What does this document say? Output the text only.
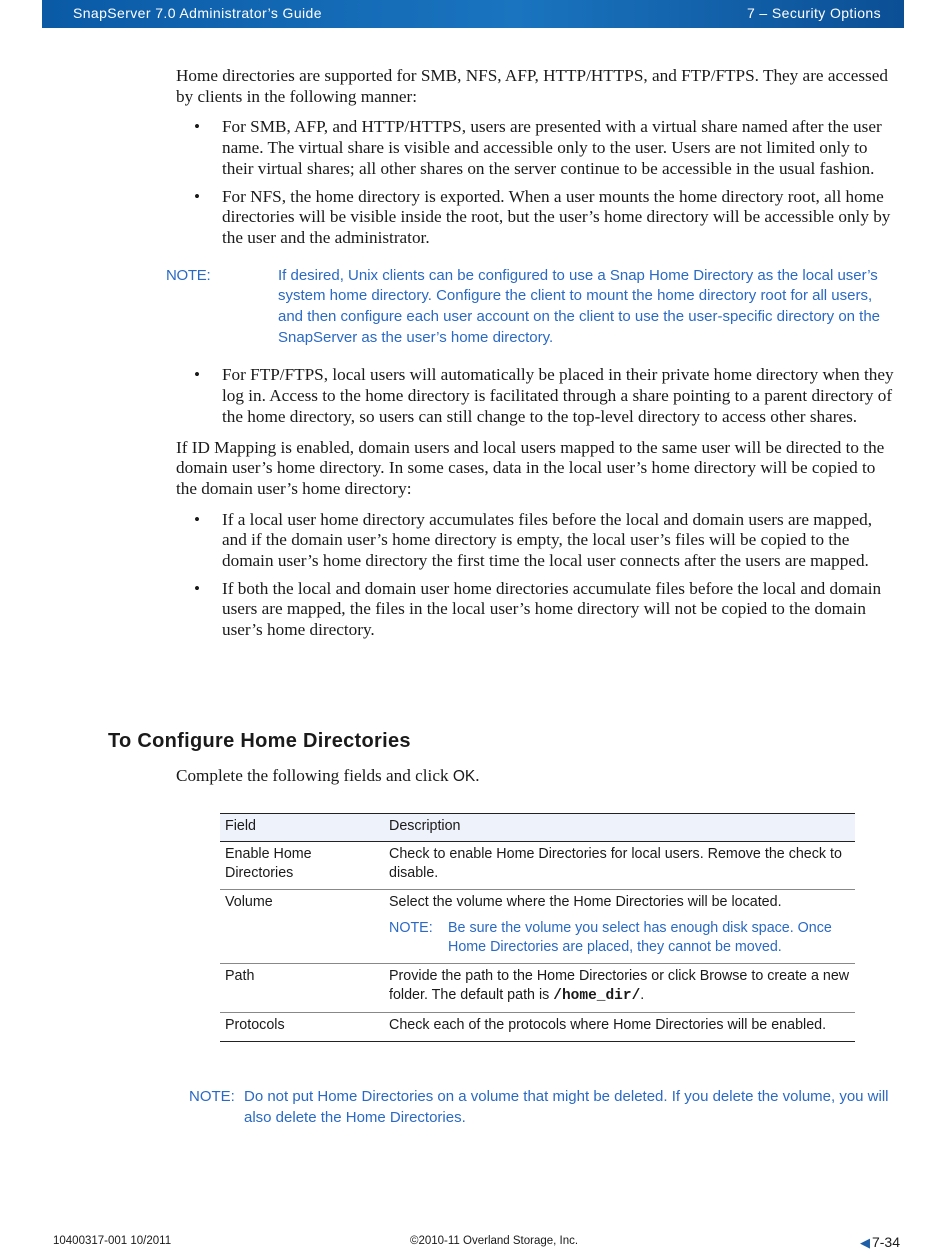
SnapServer 7.0 Administrator’s Guide	7 – Security Options

Home directories are supported for SMB, NFS, AFP, HTTP/HTTPS, and FTP/FTPS. They are accessed by clients in the following manner:

• For SMB, AFP, and HTTP/HTTPS, users are presented with a virtual share named after the user name. The virtual share is visible and accessible only to the user. Users are not limited only to their virtual shares; all other shares on the server continue to be accessible in the usual fashion.
• For NFS, the home directory is exported. When a user mounts the home directory root, all home directories will be visible inside the root, but the user’s home directory will be accessible only by the user and the administrator.
NOTE:	If desired, Unix clients can be configured to use a Snap Home Directory as the local user’s system home directory. Configure the client to mount the home directory root for all users, and then configure each user account on the client to use the user-specific directory on the SnapServer as the user’s home directory.
• For FTP/FTPS, local users will automatically be placed in their private home directory when they log in. Access to the home directory is facilitated through a share pointing to a parent directory of the home directory, so users can still change to the top-level directory to access other shares.

If ID Mapping is enabled, domain users and local users mapped to the same user will be directed to the domain user’s home directory. In some cases, data in the local user’s home directory will be copied to the domain user’s home directory:

• If a local user home directory accumulates files before the local and domain users are mapped, and if the domain user’s home directory is empty, the local user’s files will be copied to the domain user’s home directory the first time the local user connects after the users are mapped.
• If both the local and domain user home directories accumulate files before the local and domain users are mapped, the files in the local user’s home directory will not be copied to the domain user’s home directory.
To Configure Home Directories
Complete the following fields and click OK.
Field	Description
Enable Home Directories	Check to enable Home Directories for local users. Remove the check to disable.
Volume	Select the volume where the Home Directories will be located.
NOTE: Be sure the volume you select has enough disk space. Once Home Directories are placed, they cannot be moved.

Path	Provide the path to the Home Directories or click Browse to create a new folder. The default path is /home_dir/.
Protocols	Check each of the protocols where Home Directories will be enabled.
NOTE: Do not put Home Directories on a volume that might be deleted. If you delete the volume, you will also delete the Home Directories.
10400317-001 10/2011	©2010-11 Overland Storage, Inc.	◀ 7-34
